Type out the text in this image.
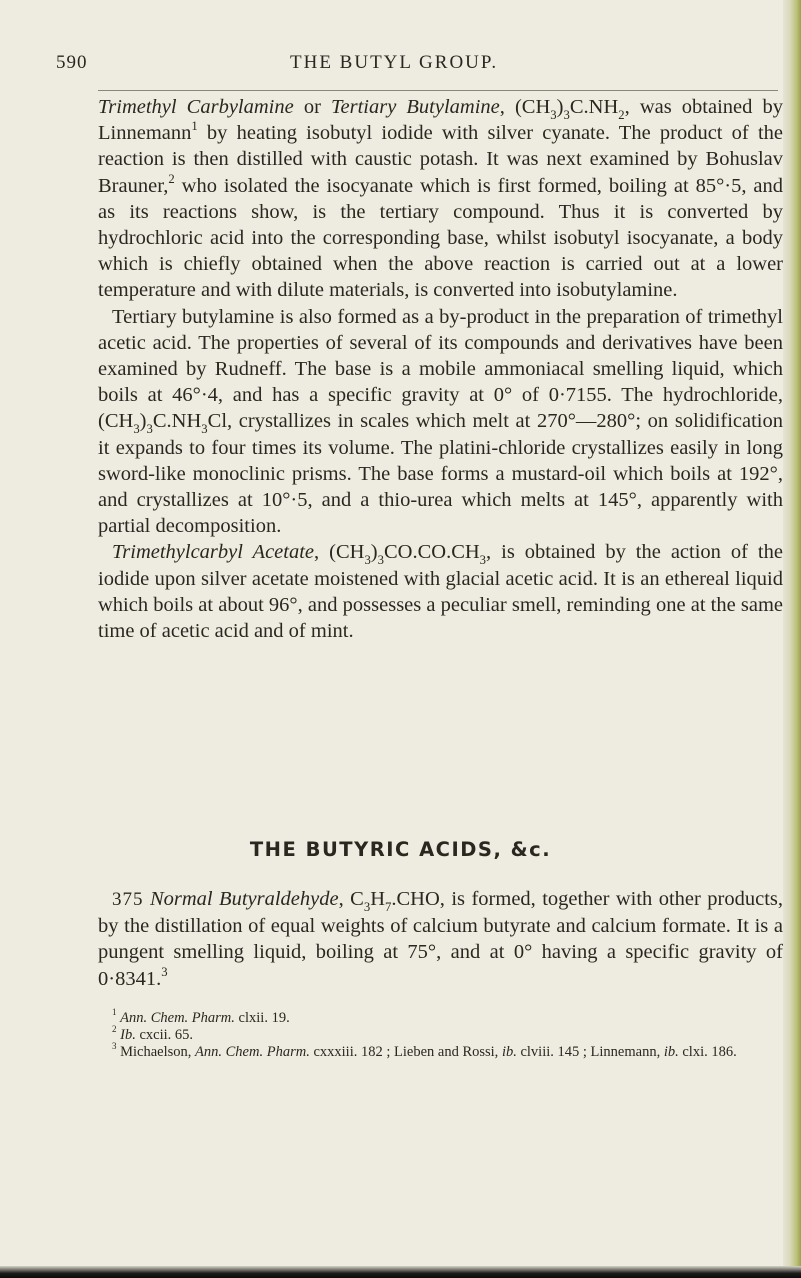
590	THE BUTYL GROUP.

Trimethyl Carbylamine or Tertiary Butylamine, $(CH_3)_3C.NH_2$, was obtained by Linnemann$^1$ by heating isobutyl iodide with silver cyanate. The product of the reaction is then distilled with caustic potash. It was next examined by Bohuslav Brauner,$^2$ who isolated the isocyanate which is first formed, boiling at 85°·5, and as its reactions show, is the tertiary compound. Thus it is converted by hydrochloric acid into the corresponding base, whilst isobutyl isocyanate, a body which is chiefly obtained when the above reaction is carried out at a lower temperature and with dilute materials, is converted into isobutylamine.

Tertiary butylamine is also formed as a by-product in the preparation of trimethyl acetic acid. The properties of several of its compounds and derivatives have been examined by Rudneff. The base is a mobile ammoniacal smelling liquid, which boils at 46°·4, and has a specific gravity at 0° of 0·7155. The hydrochloride, $(CH_3)_3C.NH_3Cl$, crystallizes in scales which melt at 270°—280°; on solidification it expands to four times its volume. The platini-chloride crystallizes easily in long sword-like monoclinic prisms. The base forms a mustard-oil which boils at 192°, and crystallizes at 10°·5, and a thio-urea which melts at 145°, apparently with partial decomposition.

Trimethylcarbyl Acetate, $(CH_3)_3CO.CO.CH_3$, is obtained by the action of the iodide upon silver acetate moistened with glacial acetic acid. It is an ethereal liquid which boils at about 96°, and possesses a peculiar smell, reminding one at the same time of acetic acid and of mint.

THE BUTYRIC ACIDS, &c.

375 Normal Butyraldehyde, $C_3H_7.CHO$, is formed, together with other products, by the distillation of equal weights of calcium butyrate and calcium formate. It is a pungent smelling liquid, boiling at 75°, and at 0° having a specific gravity of 0·8341.$^3$

$^1$ Ann. Chem. Pharm. clxii. 19.

$^2$ Ib. cxcii. 65.

$^3$ Michaelson, Ann. Chem. Pharm. cxxxiii. 182 ; Lieben and Rossi, ib. clviii. 145 ; Linnemann, ib. clxi. 186.
